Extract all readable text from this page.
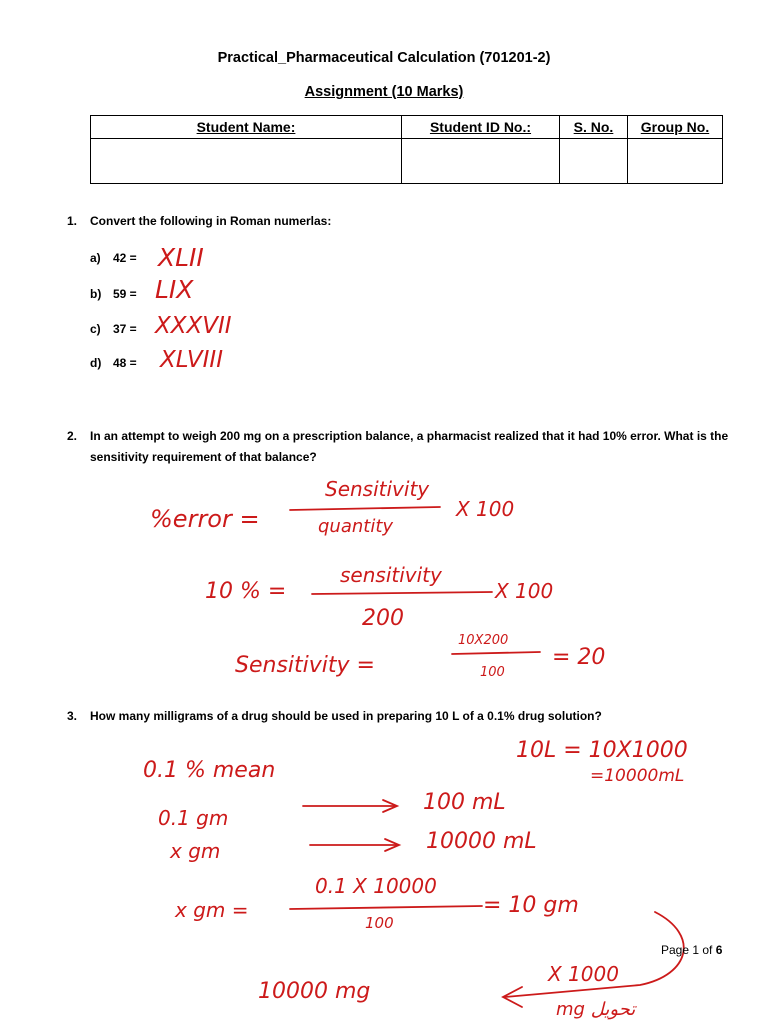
Practical_Pharmaceutical Calculation (701201-2)
Assignment (10 Marks)
Student Name:	Student ID No.:	S. No.	Group No.

1. Convert the following in Roman numerlas:
a) 42 =
b) 59 =
c) 37 =
d) 48 =
2. In an attempt to weigh 200 mg on a prescription balance, a pharmacist realized that it had 10% error. What is the sensitivity requirement of that balance?
3. How many milligrams of a drug should be used in preparing 10 L of a 0.1% drug solution?
XLII
LIX
XXXVII
XLVIII
%error =
Sensitivity
quantity
X 100
10 % =
sensitivity
200
X 100
Sensitivity =
10X200
100
= 20
10L = 10X1000
=10000mL
0.1 % mean
0.1 gm
100 mL
x gm	10000 mL
x gm =
0.1 X 10000
100
= 10 gm
X 1000
mg تحويل
10000 mg
Page 1 of 6
